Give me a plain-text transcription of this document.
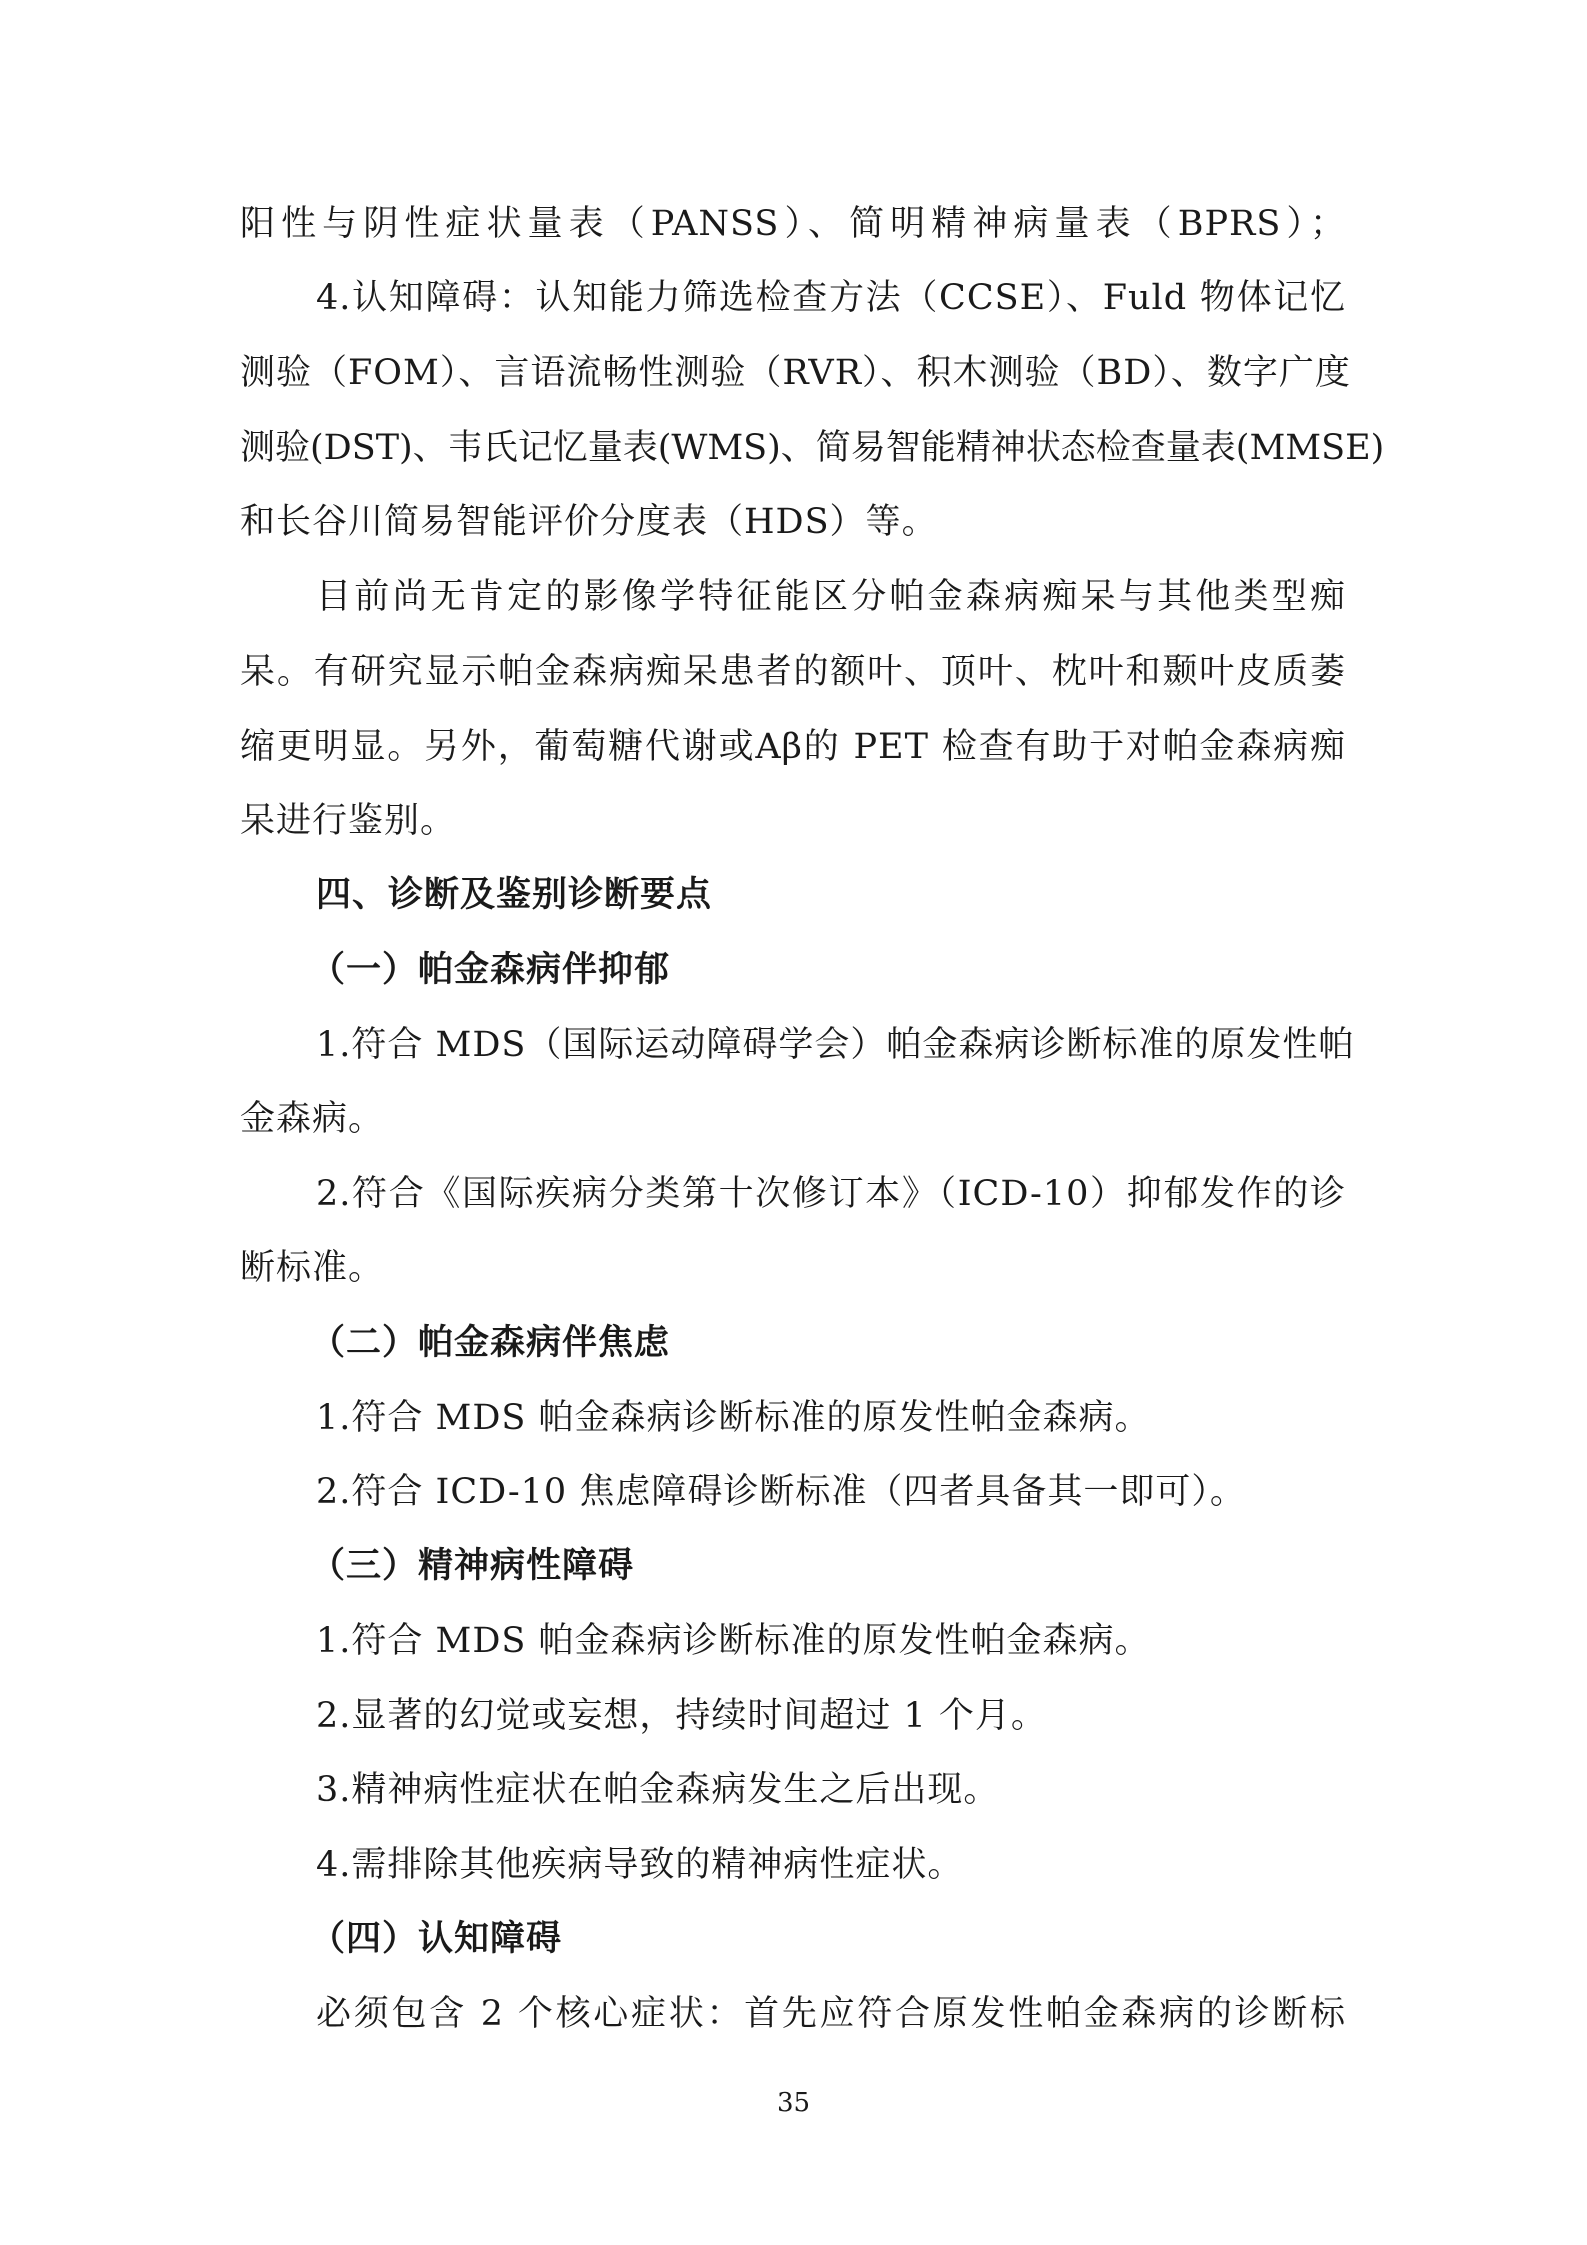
阳性与阴性症状量表（PANSS）、简明精神病量表（BPRS）；
4.认知障碍：认知能力筛选检查方法（CCSE）、Fuld 物体记忆
测验（FOM）、言语流畅性测验（RVR）、积木测验（BD）、数字广度
测验(DST)、韦氏记忆量表(WMS)、简易智能精神状态检查量表(MMSE)
和长谷川简易智能评价分度表（HDS）等。
目前尚无肯定的影像学特征能区分帕金森病痴呆与其他类型痴
呆。有研究显示帕金森病痴呆患者的额叶、顶叶、枕叶和颞叶皮质萎
缩更明显。另外，葡萄糖代谢或Aβ的 PET 检查有助于对帕金森病痴
呆进行鉴别。
四、诊断及鉴别诊断要点
（一）帕金森病伴抑郁
1.符合 MDS（国际运动障碍学会）帕金森病诊断标准的原发性帕
金森病。
2.符合《国际疾病分类第十次修订本》（ICD-10）抑郁发作的诊
断标准。
（二）帕金森病伴焦虑
1.符合 MDS 帕金森病诊断标准的原发性帕金森病。
2.符合 ICD-10 焦虑障碍诊断标准（四者具备其一即可）。
（三）精神病性障碍
1.符合 MDS 帕金森病诊断标准的原发性帕金森病。
2.显著的幻觉或妄想，持续时间超过 1 个月。
3.精神病性症状在帕金森病发生之后出现。
4.需排除其他疾病导致的精神病性症状。
（四）认知障碍
必须包含 2 个核心症状：首先应符合原发性帕金森病的诊断标
35
